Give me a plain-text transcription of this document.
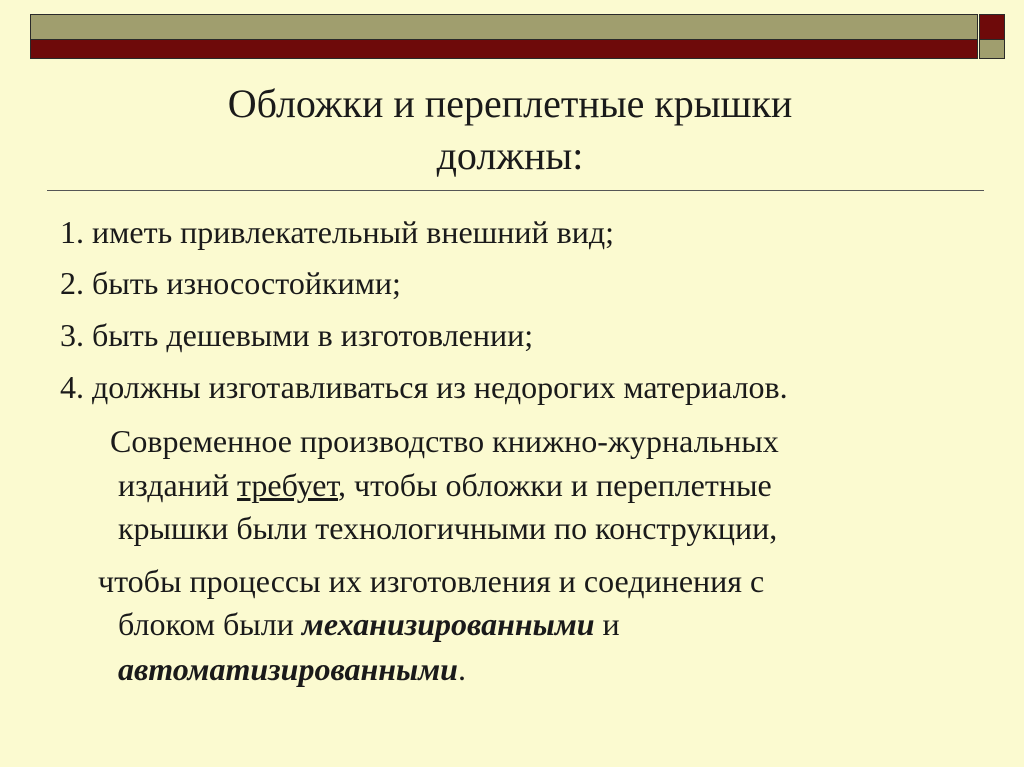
Обложки и переплетные крышки
должны:
1. иметь привлекательный внешний вид;
2. быть износостойкими;
3. быть дешевыми в изготовлении;
4. должны изготавливаться из недорогих материалов.
Современное производство книжно-журнальных
изданий требует, чтобы обложки и переплетные
крышки были технологичными по конструкции,
чтобы процессы их изготовления и соединения с
блоком были механизированными и
автоматизированными.
